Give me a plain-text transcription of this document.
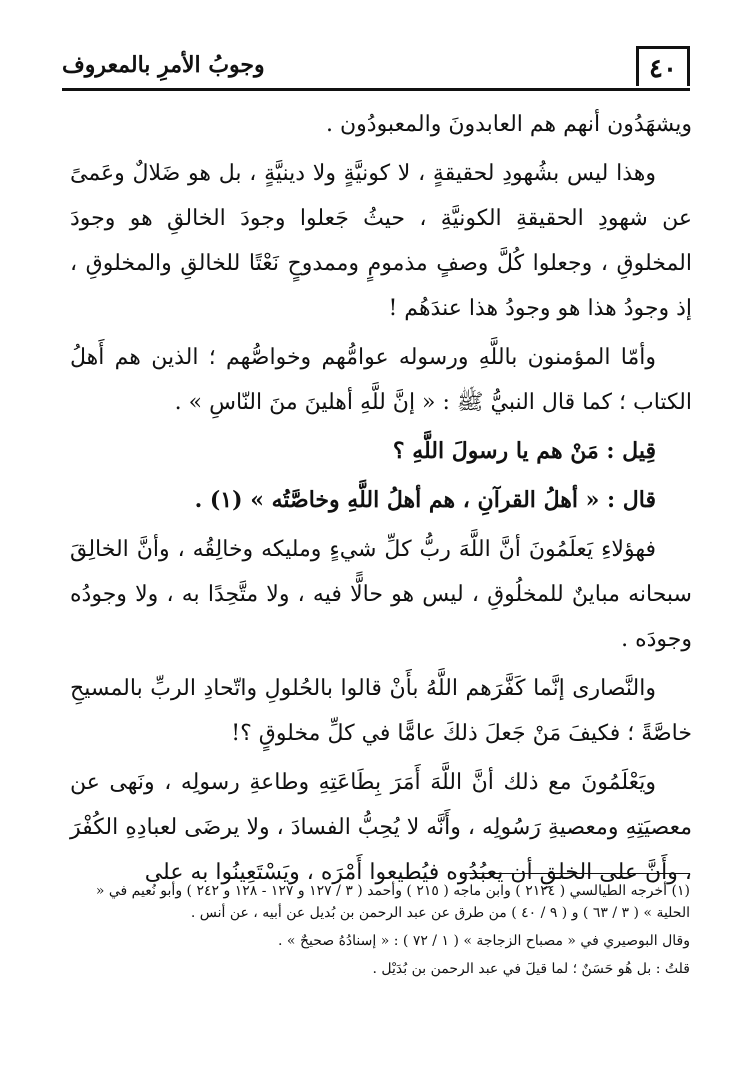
٤٠
وجوبُ الأمرِ بالمعروف

ويشهَدُون أنهم هم العابدونَ والمعبودُون .

وهذا ليس بشُهودِ لحقيقةٍ ، لا كونيَّةٍ ولا دينيَّةٍ ، بل هو ضَلالٌ وعَمىً عن شهودِ الحقيقةِ الكونيَّةِ ، حيثُ جَعلوا وجودَ الخالقِ هو وجودَ المخلوقِ ، وجعلوا كُلَّ وصفٍ مذمومٍ وممدوحٍ نَعْتًا للخالقِ والمخلوقِ ، إذ وجودُ هذا هو وجودُ هذا عندَهُم !

وأمّا المؤمنون باللَّهِ ورسوله عوامُّهم وخواصُّهم ؛ الذين هم أَهلُ الكتاب ؛ كما قال النبيُّ ﷺ : « إنَّ للَّهِ أهلينَ منَ النّاسِ » .

قِيل : مَنْ هم يا رسولَ اللَّهِ ؟

قال : « أهلُ القرآنِ ، هم أهلُ اللَّهِ وخاصَّتُه » (١) .

فهؤلاءِ يَعلَمُونَ أنَّ اللَّهَ ربُّ كلِّ شيءٍ ومليكه وخالِقُه ، وأنَّ الخالِقَ سبحانه مباينٌ للمخلُوقِ ، ليس هو حالًّا فيه ، ولا متَّحِدًا به ، ولا وجودُه وجودَه .

والنَّصارى إنَّما كَفَّرَهم اللَّهُ بأَنْ قالوا بالحُلولِ واتّحادِ الربِّ بالمسيحِ خاصَّةً ؛ فكيفَ مَنْ جَعلَ ذلكَ عامًّا في كلِّ مخلوقٍ ؟!

ويَعْلَمُونَ مع ذلك أنَّ اللَّهَ أَمَرَ بِطَاعَتِهِ وطاعةِ رسولِه ، ونَهى عن معصيَتِهِ ومعصيةِ رَسُولِه ، وأَنَّه لا يُحِبُّ الفسادَ ، ولا يرضَى لعبادِهِ الكُفْرَ ، وأَنَّ على الخلقِ أن يعبُدُوه فيُطيعوا أَمْرَه ، ويَسْتَعِينُوا به على

(١) أخرجه الطيالسي ( ٢١٢٤ ) وابن ماجه ( ٢١٥ ) وأحمد ( ٣ / ١٢٧ و ١٢٧ - ١٢٨ و ٢٤٢ ) وأبو نُعيم في « الحلية » ( ٣ / ٦٣ ) و ( ٩ / ٤٠ ) من طرق عن عبد الرحمن بن بُديل عن أبيه ، عن أنس .

وقال البوصيري في « مصباح الزجاجة » ( ١ / ٧٢ ) : « إسنادُهُ صحيحٌ » .

قلتُ : بل هُو حَسَنٌ ؛ لما قيلَ في عبد الرحمن بن بُدَيْل .
